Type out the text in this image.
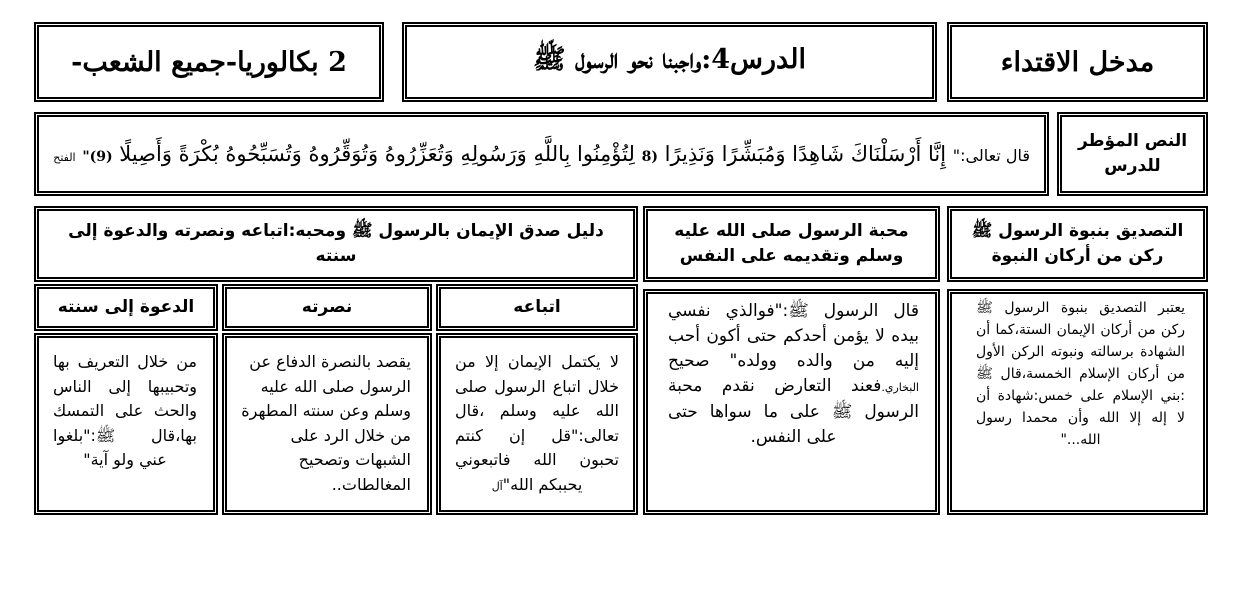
مدخل الاقتداء
الدرس4:واجبنا نحو الرسول ﷺ
2 بكالوريا-جميع الشعب-
النص المؤطر للدرس
قال تعالى:" إِنَّا أَرْسَلْنَاكَ شَاهِدًا وَمُبَشِّرًا وَنَذِيرًا (8 لِتُؤْمِنُوا بِاللَّهِ وَرَسُولِهِ وَتُعَزِّرُوهُ وَتُوَقِّرُوهُ وَتُسَبِّحُوهُ بُكْرَةً وَأَصِيلًا (9)" الفتح
التصديق بنبوة الرسول ﷺ ركن من أركان النبوة
محبة الرسول صلى الله عليه وسلم وتقديمه على النفس
دليل صدق الإيمان بالرسول ﷺ ومحبه:اتباعه ونصرته والدعوة إلى سنته
اتباعه
نصرته
الدعوة إلى سنته	يعتبر التصديق بنبوة الرسول ﷺ ركن من أركان الإيمان الستة،كما أن الشهادة برسالته ونبوته الركن الأول من أركان الإسلام الخمسة،قال ﷺ :بني الإسلام على خمس:شهادة أن لا إله إلا الله وأن محمدا رسول الله..."
قال الرسول ﷺ:"فوالذي نفسي بيده لا يؤمن أحدكم حتى أكون أحب إليه من والده وولده" صحيح البخاري.فعند التعارض نقدم محبة الرسول ﷺ على ما سواها حتى على النفس.
لا يكتمل الإيمان إلا من خلال اتباع الرسول صلى الله عليه وسلم ،قال تعالى:"قل إن كنتم تحبون الله فاتبعوني يحببكم الله"آل
يقصد بالنصرة الدفاع عن الرسول صلى الله عليه وسلم وعن سنته المطهرة من خلال الرد على الشبهات وتصحيح المغالطات..
من خلال التعريف بها وتحبيبها إلى الناس والحث على التمسك بها،قال ﷺ:"بلغوا عني ولو آية"
